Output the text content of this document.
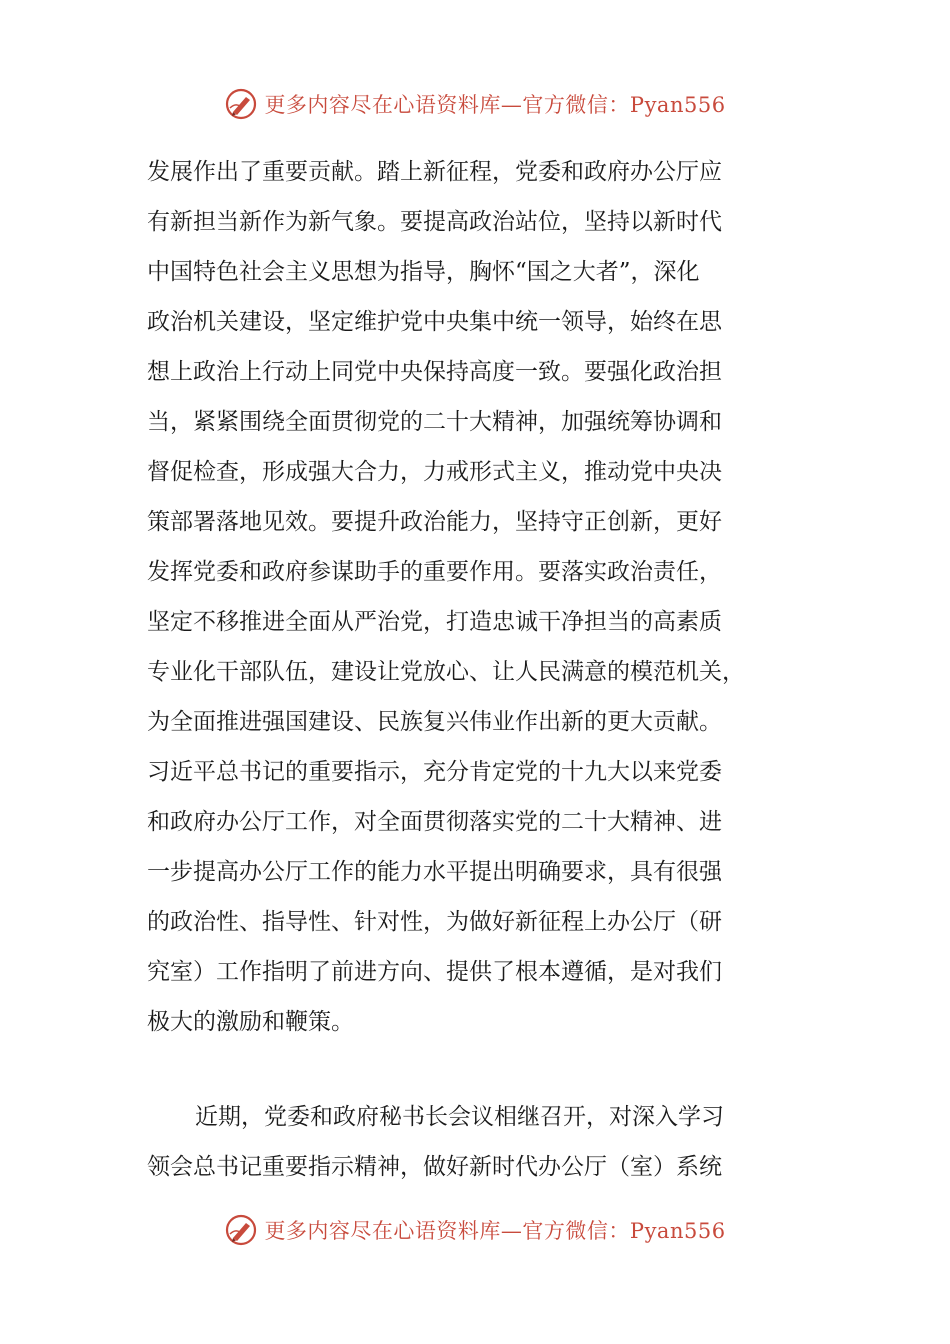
更多内容尽在心语资料库—官方微信：Pyan556
发展作出了重要贡献。踏上新征程，党委和政府办公厅应
有新担当新作为新气象。要提高政治站位，坚持以新时代
中国特色社会主义思想为指导，胸怀“国之大者”，深化
政治机关建设，坚定维护党中央集中统一领导，始终在思
想上政治上行动上同党中央保持高度一致。要强化政治担
当，紧紧围绕全面贯彻党的二十大精神，加强统筹协调和
督促检查，形成强大合力，力戒形式主义，推动党中央决
策部署落地见效。要提升政治能力，坚持守正创新，更好
发挥党委和政府参谋助手的重要作用。要落实政治责任，
坚定不移推进全面从严治党，打造忠诚干净担当的高素质
专业化干部队伍，建设让党放心、让人民满意的模范机关，
为全面推进强国建设、民族复兴伟业作出新的更大贡献。
习近平总书记的重要指示，充分肯定党的十九大以来党委
和政府办公厅工作，对全面贯彻落实党的二十大精神、进
一步提高办公厅工作的能力水平提出明确要求，具有很强
的政治性、指导性、针对性，为做好新征程上办公厅（研
究室）工作指明了前进方向、提供了根本遵循，是对我们
极大的激励和鞭策。
近期，党委和政府秘书长会议相继召开，对深入学习
领会总书记重要指示精神，做好新时代办公厅（室）系统
更多内容尽在心语资料库—官方微信：Pyan556
